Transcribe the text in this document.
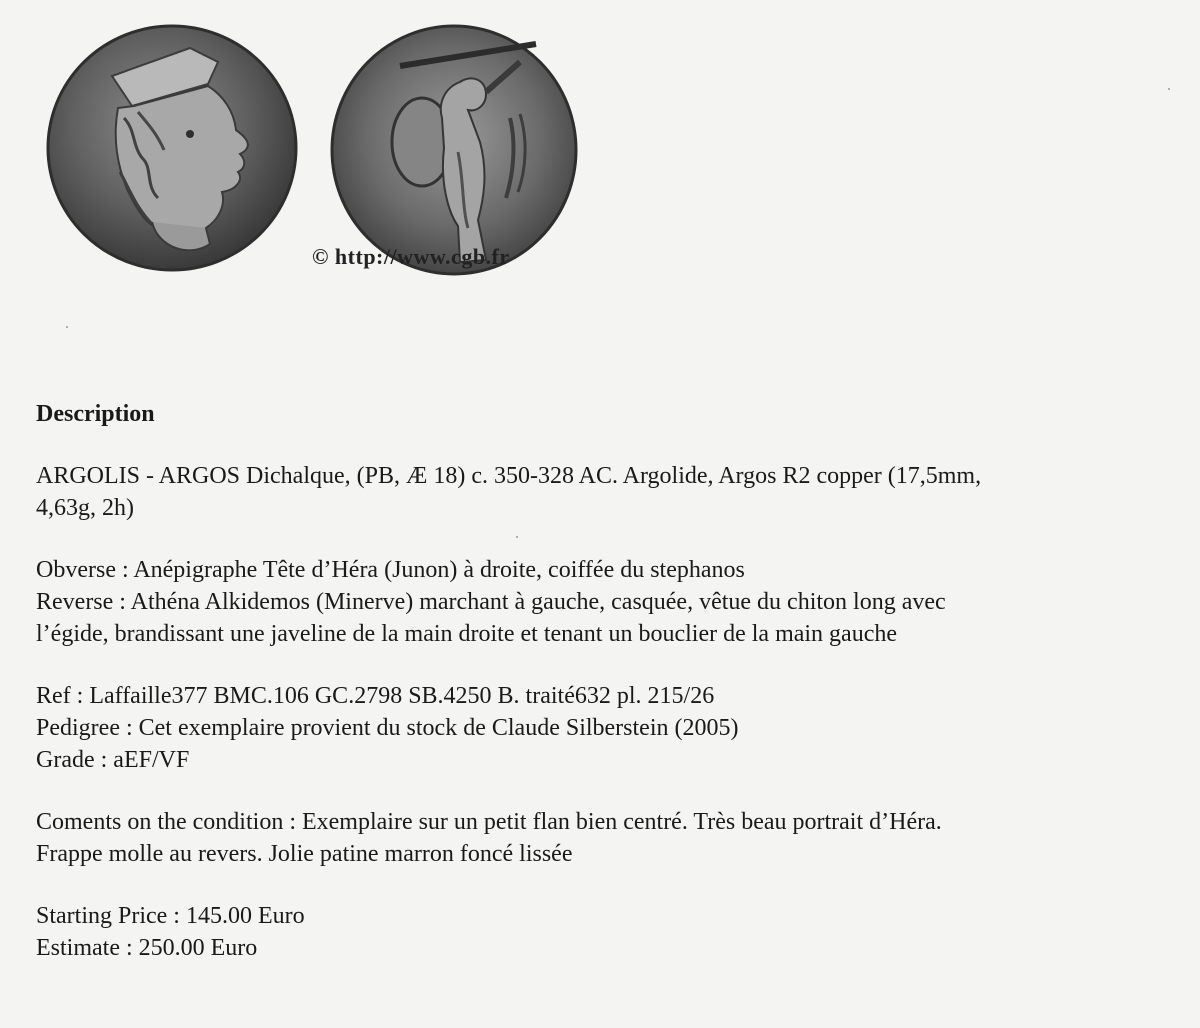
© http://www.cgb.fr
Description
ARGOLIS - ARGOS Dichalque, (PB, Æ 18) c. 350-328 AC. Argolide, Argos R2 copper (17,5mm,
4,63g, 2h)
Obverse : Anépigraphe Tête d’Héra (Junon) à droite, coiffée du stephanos
Reverse : Athéna Alkidemos (Minerve) marchant à gauche, casquée, vêtue du chiton long avec
l’égide, brandissant une javeline de la main droite et tenant un bouclier de la main gauche
Ref : Laffaille377 BMC.106 GC.2798 SB.4250 B. traité632 pl. 215/26
Pedigree : Cet exemplaire provient du stock de Claude Silberstein (2005)
Grade : aEF/VF
Coments on the condition : Exemplaire sur un petit flan bien centré. Très beau portrait d’Héra.
Frappe molle au revers. Jolie patine marron foncé lissée
Starting Price : 145.00 Euro
Estimate : 250.00 Euro
